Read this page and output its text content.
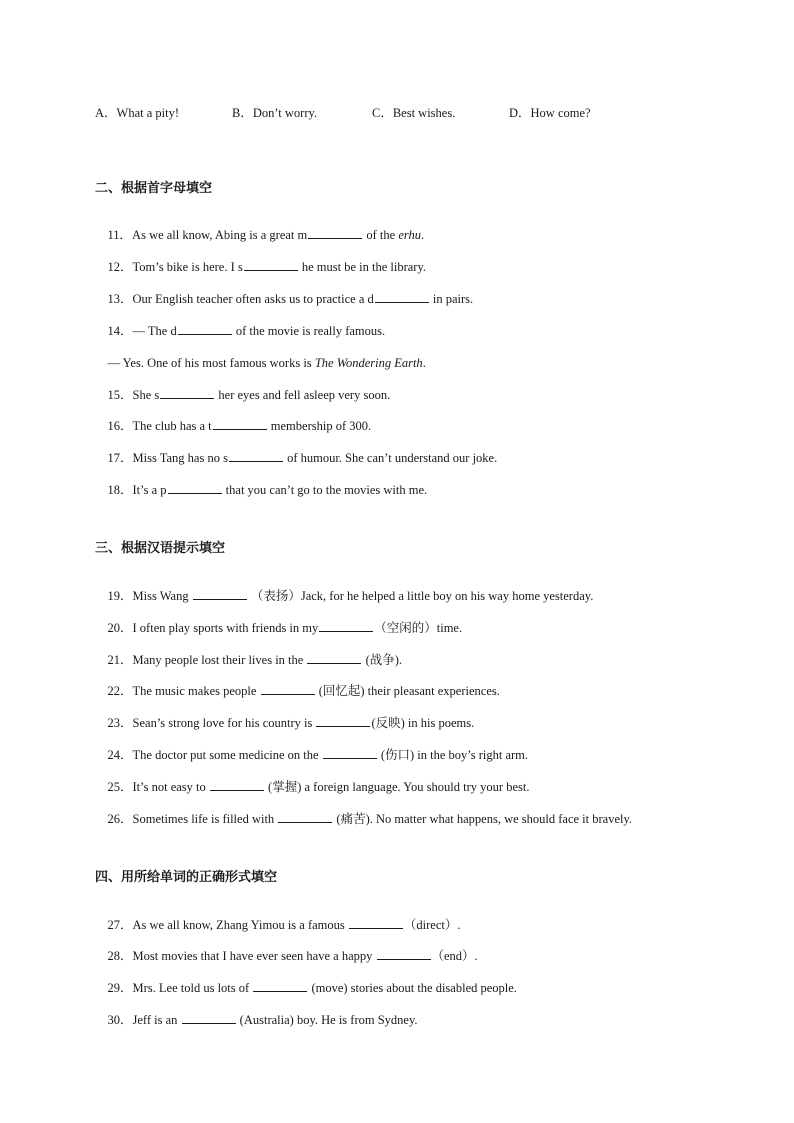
A．What a pity!	B．Don’t worry.	C．Best wishes.	D．How come?
二、根据首字母填空

11．As we all know, Abing is a great m	of the erhu.

12．Tom’s bike is here. I s	he must be in the library.

13．Our English teacher often asks us to practice a d	in pairs.

14．— The d	of the movie is really famous.

— Yes. One of his most famous works is The Wondering Earth.

15．She s	her eyes and fell asleep very soon.

16．The club has a t	membership of 300.

17．Miss Tang has no s	of humour. She can’t understand our joke.

18．It’s a p	that you can’t go to the movies with me.

三、根据汉语提示填空

19．Miss Wang	（表扬）Jack, for he helped a little boy on his way home yesterday.

20．I often play sports with friends in my	（空闲的）time.

21．Many people lost their lives in the	(战争).

22．The music makes people	(回忆起) their pleasant experiences.

23．Sean’s strong love for his country is	(反映) in his poems.

24．The doctor put some medicine on the	(伤口) in the boy’s right arm.

25．It’s not easy to	(掌握) a foreign language. You should try your best.

26．Sometimes life is filled with	(痛苦). No matter what happens, we should face it bravely.

四、用所给单词的正确形式填空

27．As we all know, Zhang Yimou is a famous	（direct）.

28．Most movies that I have ever seen have a happy	（end）.

29．Mrs. Lee told us lots of	(move) stories about the disabled people.

30．Jeff is an	(Australia) boy. He is from Sydney.
